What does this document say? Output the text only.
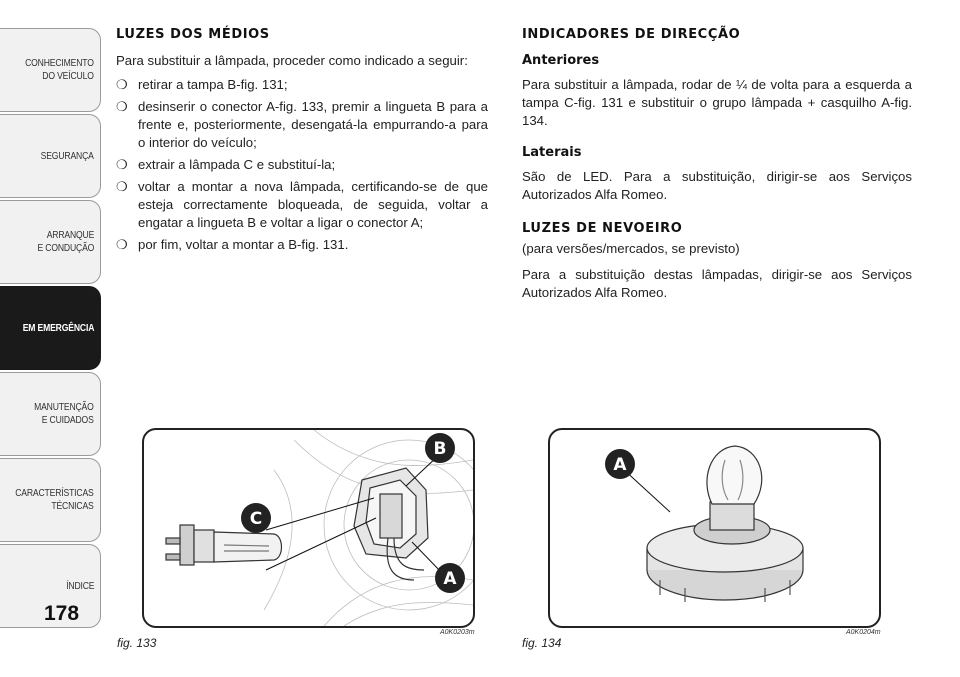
CONHECIMENTO
DO VEÍCULO
SEGURANÇA
ARRANQUE
E CONDUÇÃO
EM EMERGÊNCIA
MANUTENÇÃO
E CUIDADOS
CARACTERÍSTICAS
TÉCNICAS
ÍNDICE
178
LUZES DOS MÉDIOS

Para substituir a lâmpada, proceder como indicado a seguir:

❍ retirar a tampa B-fig. 131;
❍ desinserir o conector A-fig. 133, premir a lingueta B para a frente e, posteriormente, desengatá-la empurrando-a para o interior do veículo;
❍ extrair a lâmpada C e substituí-la;
❍ voltar a montar a nova lâmpada, certificando-se de que esteja correctamente bloqueada, de seguida, voltar a engatar a lingueta B e voltar a ligar o conector A;
❍ por fim, voltar a montar a B-fig. 131.
INDICADORES DE DIRECÇÃO
Anteriores

Para substituir a lâmpada, rodar de ¼ de volta para a esquerda a tampa C-fig. 131 e substituir o grupo lâmpada + casquilho A-fig. 134.

Laterais

São de LED. Para a substituição, dirigir-se aos Serviços Autorizados Alfa Romeo.

LUZES DE NEVOEIRO

(para versões/mercados, se previsto)

Para a substituição destas lâmpadas, dirigir-se aos Serviços Autorizados Alfa Romeo.

B
C
A
fig. 133
A0K0203m
A
fig. 134
A0K0204m
